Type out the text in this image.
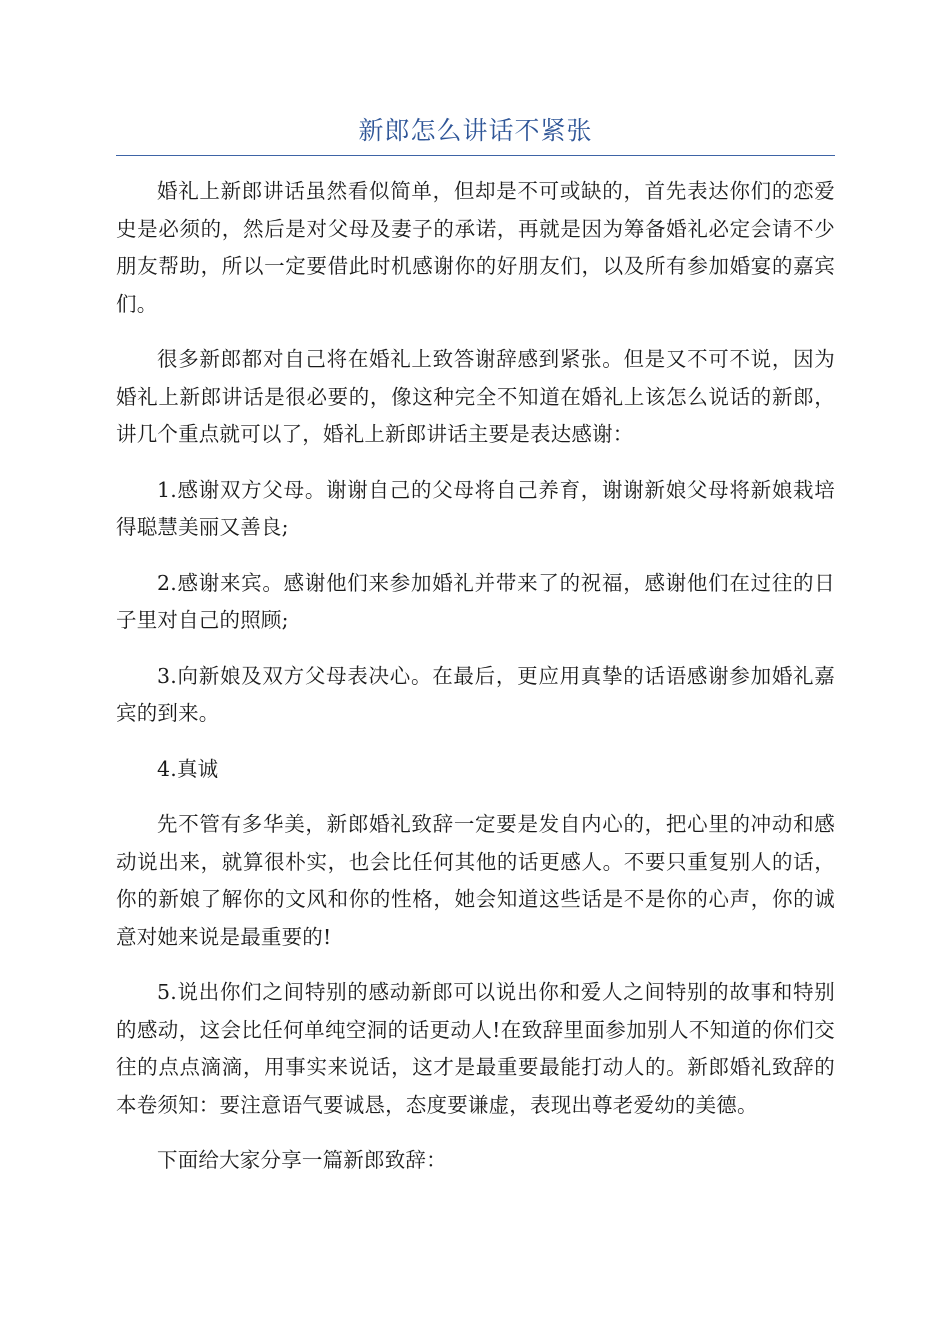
新郎怎么讲话不紧张

婚礼上新郎讲话虽然看似简单，但却是不可或缺的，首先表达你们的恋爱史是必须的，然后是对父母及妻子的承诺，再就是因为筹备婚礼必定会请不少朋友帮助，所以一定要借此时机感谢你的好朋友们，以及所有参加婚宴的嘉宾们。

很多新郎都对自己将在婚礼上致答谢辞感到紧张。但是又不可不说，因为婚礼上新郎讲话是很必要的，像这种完全不知道在婚礼上该怎么说话的新郎，讲几个重点就可以了，婚礼上新郎讲话主要是表达感谢：

1.感谢双方父母。谢谢自己的父母将自己养育，谢谢新娘父母将新娘栽培得聪慧美丽又善良;

2.感谢来宾。感谢他们来参加婚礼并带来了的祝福，感谢他们在过往的日子里对自己的照顾;

3.向新娘及双方父母表决心。在最后，更应用真挚的话语感谢参加婚礼嘉宾的到来。

4.真诚

先不管有多华美，新郎婚礼致辞一定要是发自内心的，把心里的冲动和感动说出来，就算很朴实，也会比任何其他的话更感人。不要只重复别人的话，你的新娘了解你的文风和你的性格，她会知道这些话是不是你的心声，你的诚意对她来说是最重要的!

5.说出你们之间特别的感动新郎可以说出你和爱人之间特别的故事和特别的感动，这会比任何单纯空洞的话更动人!在致辞里面参加别人不知道的你们交往的点点滴滴，用事实来说话，这才是最重要最能打动人的。新郎婚礼致辞的本卷须知：要注意语气要诚恳，态度要谦虚，表现出尊老爱幼的美德。

下面给大家分享一篇新郎致辞：
